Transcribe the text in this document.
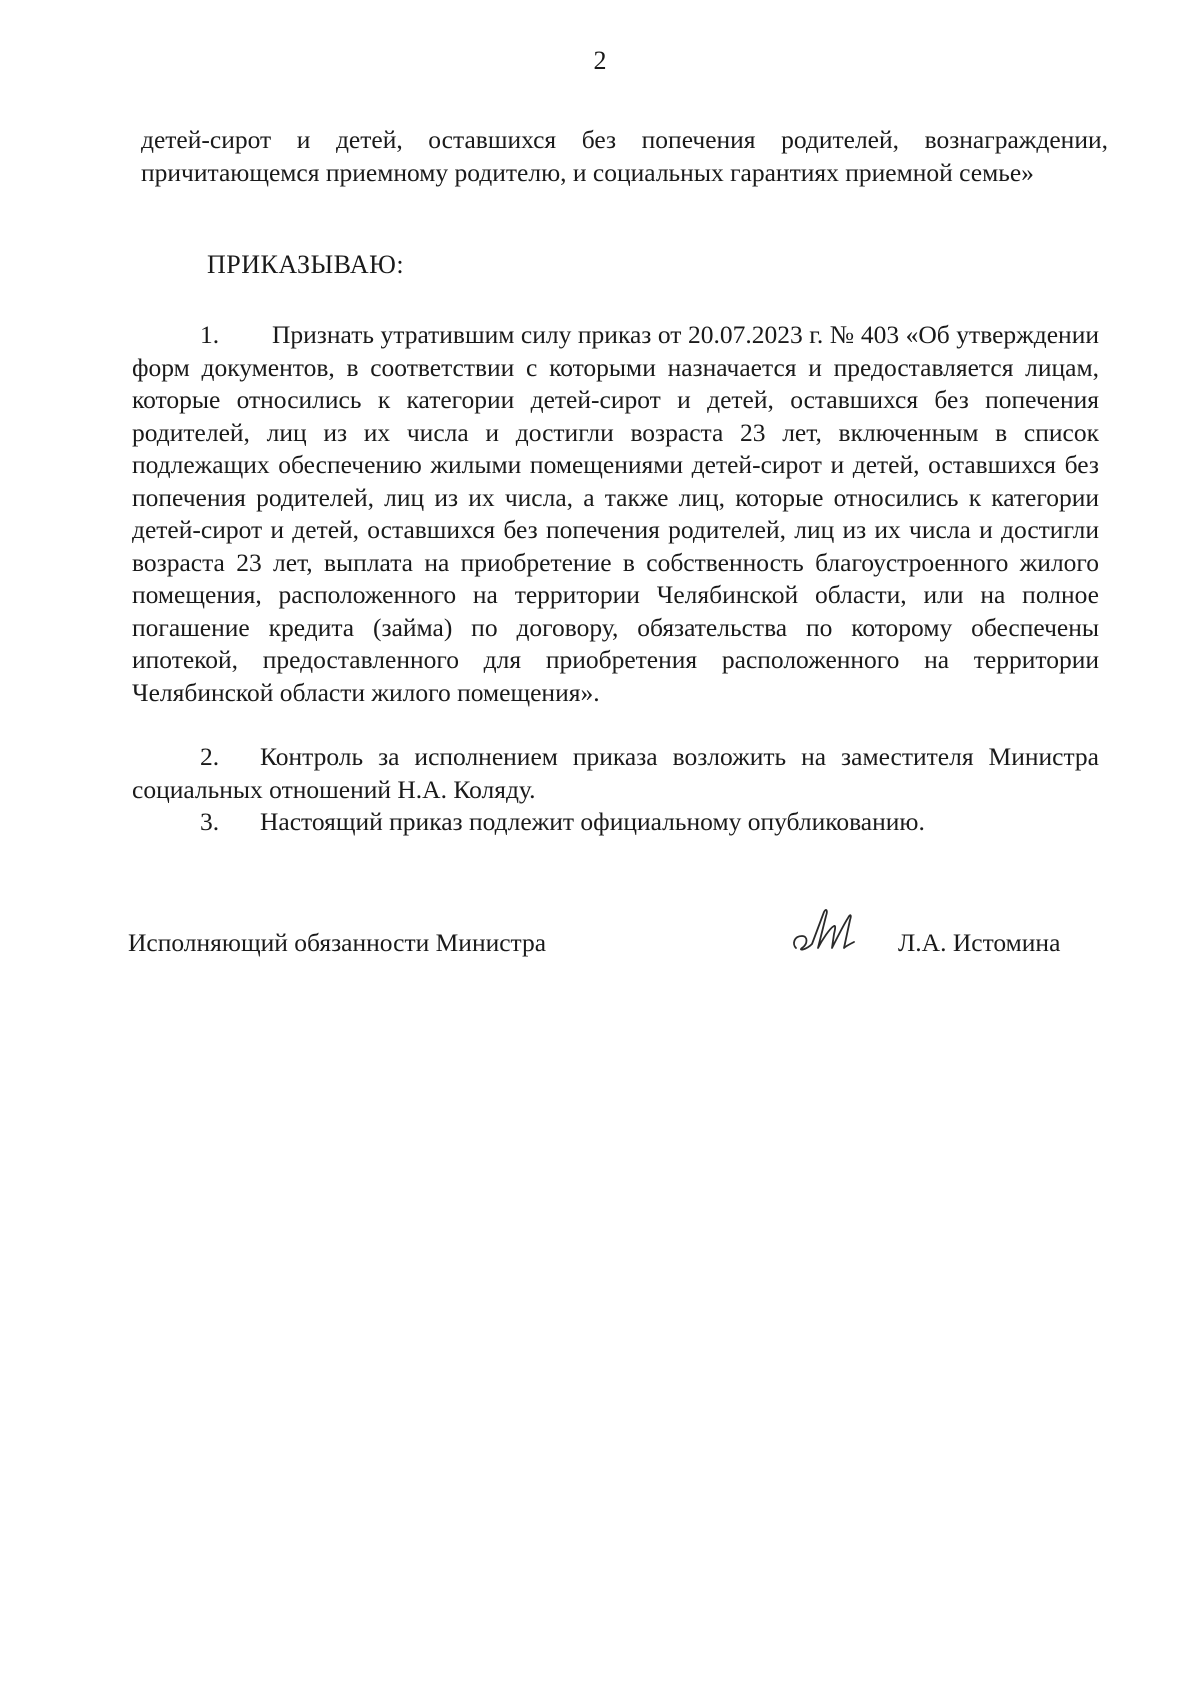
2

детей-сирот и детей, оставшихся без попечения родителей, вознаграждении, причитающемся приемному родителю, и социальных гарантиях приемной семье»

ПРИКАЗЫВАЮ:

1. Признать утратившим силу приказ от 20.07.2023 г. № 403 «Об утверждении форм документов, в соответствии с которыми назначается и предоставляется лицам, которые относились к категории детей-сирот и детей, оставшихся без попечения родителей, лиц из их числа и достигли возраста 23 лет, включенным в список подлежащих обеспечению жилыми помещениями детей-сирот и детей, оставшихся без попечения родителей, лиц из их числа, а также лиц, которые относились к категории детей-сирот и детей, оставшихся без попечения родителей, лиц из их числа и достигли возраста 23 лет, выплата на приобретение в собственность благоустроенного жилого помещения, расположенного на территории Челябинской области, или на полное погашение кредита (займа) по договору, обязательства по которому обеспечены ипотекой, предоставленного для приобретения расположенного на территории Челябинской области жилого помещения».

2. Контроль за исполнением приказа возложить на заместителя Министра социальных отношений Н.А. Коляду.

3. Настоящий приказ подлежит официальному опубликованию.

Исполняющий обязанности Министра	Л.А. Истомина
